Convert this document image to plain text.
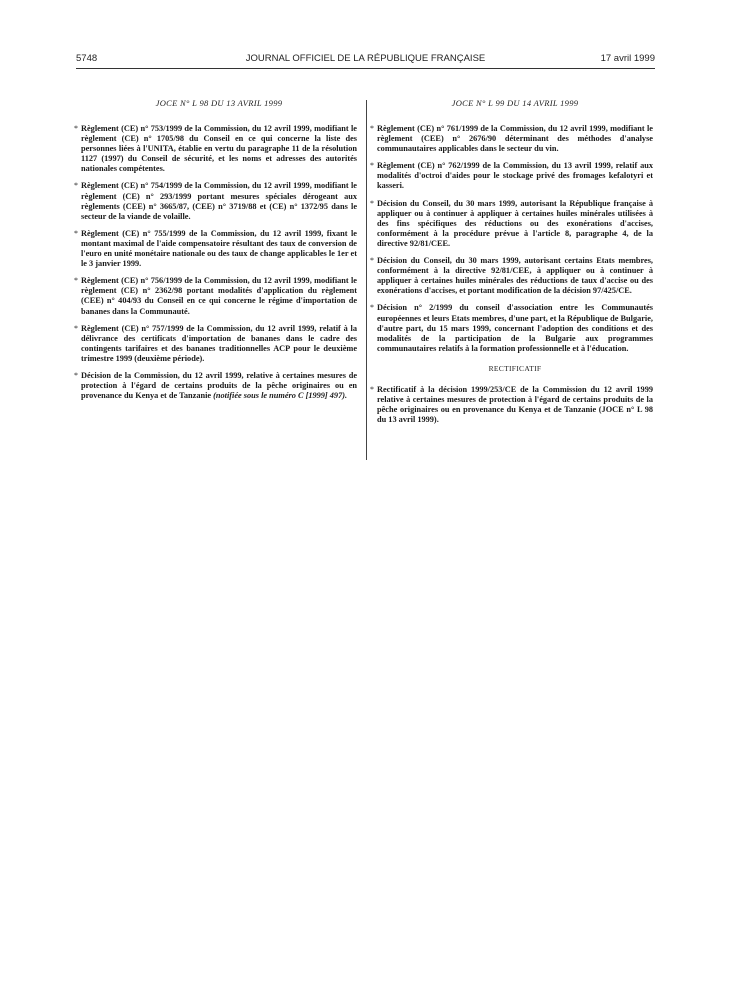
5748	JOURNAL OFFICIEL DE LA RÉPUBLIQUE FRANÇAISE	17 avril 1999
JOCE N° L 98 DU 13 AVRIL 1999
* Règlement (CE) n° 753/1999 de la Commission, du 12 avril 1999, modifiant le règlement (CE) n° 1705/98 du Conseil en ce qui concerne la liste des personnes liées à l'UNITA, établie en vertu du paragraphe 11 de la résolution 1127 (1997) du Conseil de sécurité, et les noms et adresses des autorités nationales compétentes.
* Règlement (CE) n° 754/1999 de la Commission, du 12 avril 1999, modifiant le règlement (CE) n° 293/1999 portant mesures spéciales dérogeant aux règlements (CEE) n° 3665/87, (CEE) n° 3719/88 et (CE) n° 1372/95 dans le secteur de la viande de volaille.
* Règlement (CE) n° 755/1999 de la Commission, du 12 avril 1999, fixant le montant maximal de l'aide compensatoire résultant des taux de conversion de l'euro en unité monétaire nationale ou des taux de change applicables le 1er et le 3 janvier 1999.
* Règlement (CE) n° 756/1999 de la Commission, du 12 avril 1999, modifiant le règlement (CE) n° 2362/98 portant modalités d'application du règlement (CEE) n° 404/93 du Conseil en ce qui concerne le régime d'importation de bananes dans la Communauté.
* Règlement (CE) n° 757/1999 de la Commission, du 12 avril 1999, relatif à la délivrance des certificats d'importation de bananes dans le cadre des contingents tarifaires et des bananes traditionnelles ACP pour le deuxième trimestre 1999 (deuxième période).
* Décision de la Commission, du 12 avril 1999, relative à certaines mesures de protection à l'égard de certains produits de la pêche originaires ou en provenance du Kenya et de Tanzanie (notifiée sous le numéro C [1999] 497).
JOCE N° L 99 DU 14 AVRIL 1999
* Règlement (CE) n° 761/1999 de la Commission, du 12 avril 1999, modifiant le règlement (CEE) n° 2676/90 déterminant des méthodes d'analyse communautaires applicables dans le secteur du vin.
* Règlement (CE) n° 762/1999 de la Commission, du 13 avril 1999, relatif aux modalités d'octroi d'aides pour le stockage privé des fromages kefalotyri et kasseri.
* Décision du Conseil, du 30 mars 1999, autorisant la République française à appliquer ou à continuer à appliquer à certaines huiles minérales utilisées à des fins spécifiques des réductions ou des exonérations d'accises, conformément à la procédure prévue à l'article 8, paragraphe 4, de la directive 92/81/CEE.
* Décision du Conseil, du 30 mars 1999, autorisant certains Etats membres, conformément à la directive 92/81/CEE, à appliquer ou à continuer à appliquer à certaines huiles minérales des réductions de taux d'accise ou des exonérations d'accises, et portant modification de la décision 97/425/CE.
* Décision n° 2/1999 du conseil d'association entre les Communautés européennes et leurs Etats membres, d'une part, et la République de Bulgarie, d'autre part, du 15 mars 1999, concernant l'adoption des conditions et des modalités de la participation de la Bulgarie aux programmes communautaires relatifs à la formation professionnelle et à l'éducation.
RECTIFICATIF
* Rectificatif à la décision 1999/253/CE de la Commission du 12 avril 1999 relative à certaines mesures de protection à l'égard de certains produits de la pêche originaires ou en provenance du Kenya et de Tanzanie (JOCE n° L 98 du 13 avril 1999).
